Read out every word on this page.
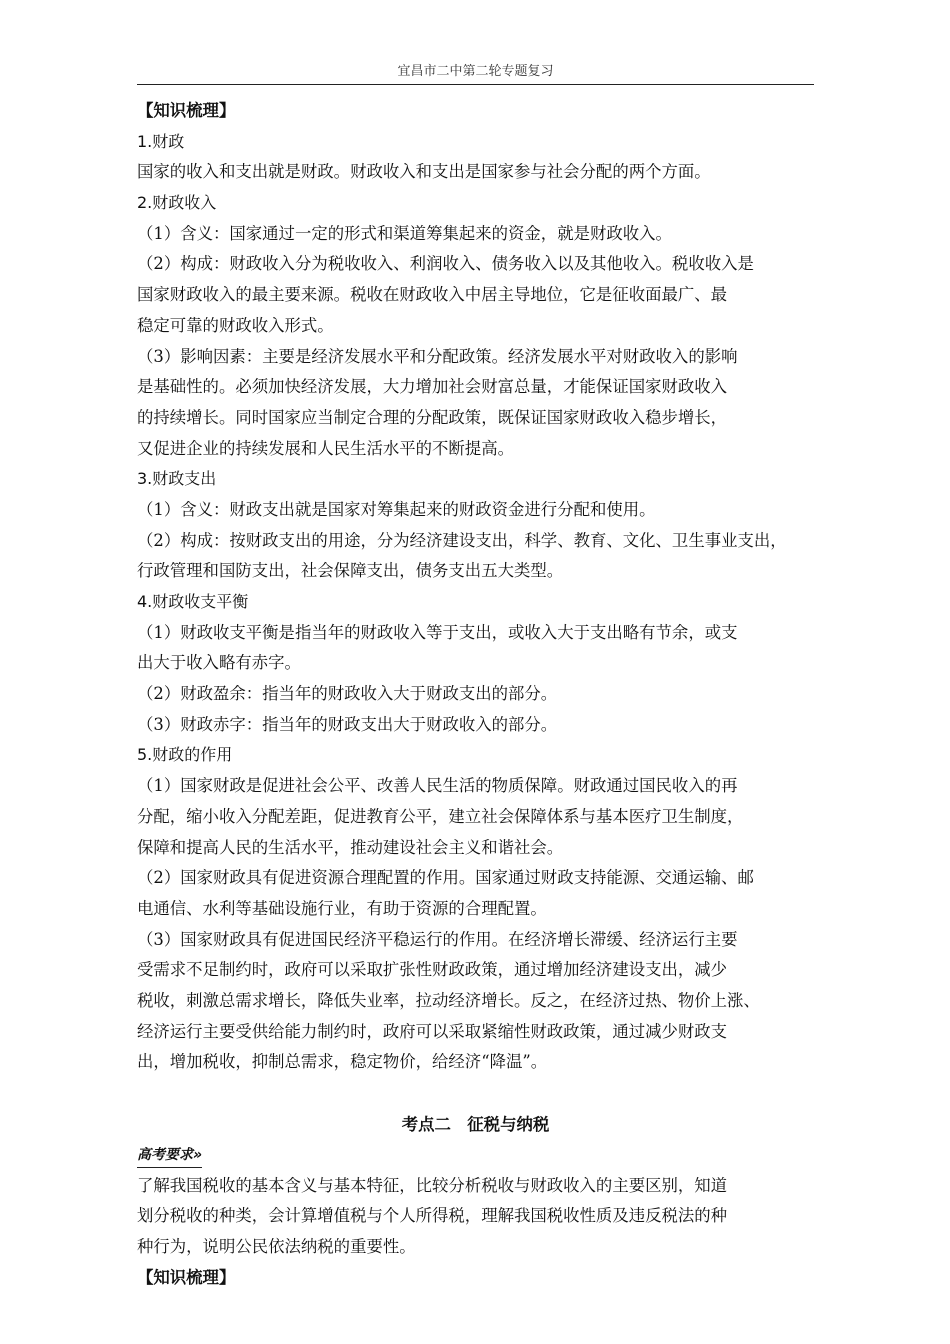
宜昌市二中第二轮专题复习
【知识梳理】
1.财政
国家的收入和支出就是财政。财政收入和支出是国家参与社会分配的两个方面。
2.财政收入
（1）含义：国家通过一定的形式和渠道筹集起来的资金，就是财政收入。
（2）构成：财政收入分为税收收入、利润收入、债务收入以及其他收入。税收收入是
国家财政收入的最主要来源。税收在财政收入中居主导地位，它是征收面最广、最
稳定可靠的财政收入形式。
（3）影响因素：主要是经济发展水平和分配政策。经济发展水平对财政收入的影响
是基础性的。必须加快经济发展，大力增加社会财富总量，才能保证国家财政收入
的持续增长。同时国家应当制定合理的分配政策，既保证国家财政收入稳步增长，
又促进企业的持续发展和人民生活水平的不断提高。
3.财政支出
（1）含义：财政支出就是国家对筹集起来的财政资金进行分配和使用。
（2）构成：按财政支出的用途，分为经济建设支出，科学、教育、文化、卫生事业支出，
行政管理和国防支出，社会保障支出，债务支出五大类型。
4.财政收支平衡
（1）财政收支平衡是指当年的财政收入等于支出，或收入大于支出略有节余，或支
出大于收入略有赤字。
（2）财政盈余：指当年的财政收入大于财政支出的部分。
（3）财政赤字：指当年的财政支出大于财政收入的部分。
5.财政的作用
（1）国家财政是促进社会公平、改善人民生活的物质保障。财政通过国民收入的再
分配，缩小收入分配差距，促进教育公平，建立社会保障体系与基本医疗卫生制度，
保障和提高人民的生活水平，推动建设社会主义和谐社会。
（2）国家财政具有促进资源合理配置的作用。国家通过财政支持能源、交通运输、邮
电通信、水利等基础设施行业，有助于资源的合理配置。
（3）国家财政具有促进国民经济平稳运行的作用。在经济增长滞缓、经济运行主要
受需求不足制约时，政府可以采取扩张性财政政策，通过增加经济建设支出，减少
税收，刺激总需求增长，降低失业率，拉动经济增长。反之，在经济过热、物价上涨、
经济运行主要受供给能力制约时，政府可以采取紧缩性财政政策，通过减少财政支
出，增加税收，抑制总需求，稳定物价，给经济“降温”。
考点二　征税与纳税
高考要求»
了解我国税收的基本含义与基本特征，比较分析税收与财政收入的主要区别，知道
划分税收的种类，会计算增值税与个人所得税，理解我国税收性质及违反税法的种
种行为，说明公民依法纳税的重要性。
【知识梳理】
